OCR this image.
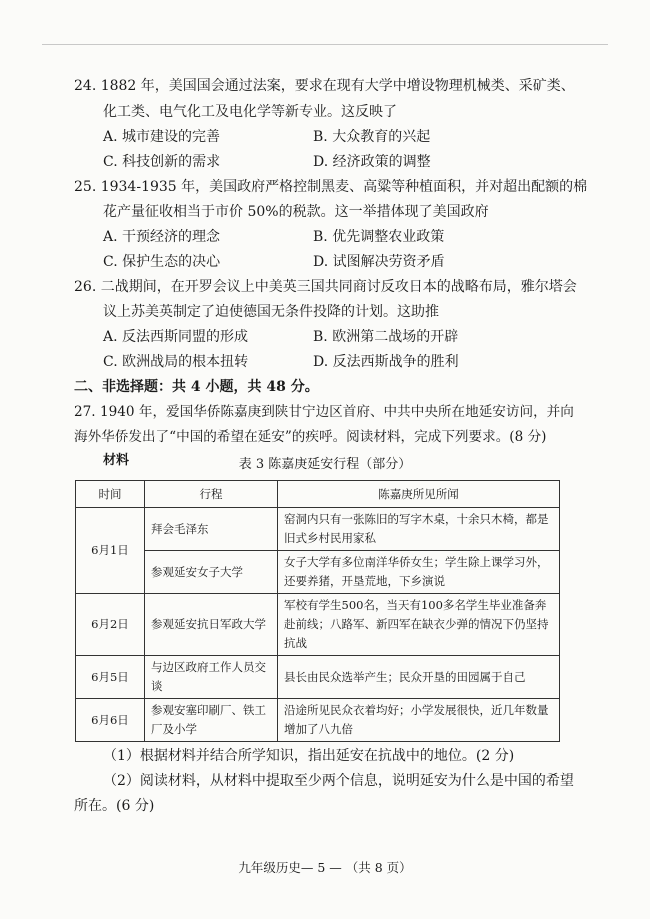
24. 1882 年，美国国会通过法案，要求在现有大学中增设物理机械类、采矿类、
化工类、电气化工及电化学等新专业。这反映了
A. 城市建设的完善	B. 大众教育的兴起
C. 科技创新的需求	D. 经济政策的调整
25. 1934-1935 年，美国政府严格控制黑麦、高粱等种植面积，并对超出配额的棉
花产量征收相当于市价 50%的税款。这一举措体现了美国政府
A. 干预经济的理念	B. 优先调整农业政策
C. 保护生态的决心	D. 试图解决劳资矛盾
26. 二战期间，在开罗会议上中美英三国共同商讨反攻日本的战略布局，雅尔塔会
议上苏美英制定了迫使德国无条件投降的计划。这助推
A. 反法西斯同盟的形成	B. 欧洲第二战场的开辟
C. 欧洲战局的根本扭转	D. 反法西斯战争的胜利
二、非选择题：共 4 小题，共 48 分。
27. 1940 年，爱国华侨陈嘉庚到陕甘宁边区首府、中共中央所在地延安访问，并向
海外华侨发出了“中国的希望在延安”的疾呼。阅读材料，完成下列要求。(8 分)
材料	表 3 陈嘉庚延安行程（部分）
时间	行程	陈嘉庚所见所闻
6月1日	拜会毛泽东	窑洞内只有一张陈旧的写字木桌，十余只木椅，都是旧式乡村民用家私
	参观延安女子大学	女子大学有多位南洋华侨女生；学生除上课学习外，还要养猪，开垦荒地，下乡演说
6月2日	参观延安抗日军政大学	军校有学生500名，当天有100多名学生毕业准备奔赴前线；八路军、新四军在缺衣少弹的情况下仍坚持抗战
6月5日	与边区政府工作人员交谈	县长由民众选举产生；民众开垦的田园属于自己
6月6日	参观安塞印刷厂、铁工厂及小学	沿途所见民众衣着均好；小学发展很快，近几年数量增加了八九倍
（1）根据材料并结合所学知识，指出延安在抗战中的地位。(2 分)
（2）阅读材料，从材料中提取至少两个信息，说明延安为什么是中国的希望
所在。(6 分)
九年级历史— 5 — （共 8 页）
